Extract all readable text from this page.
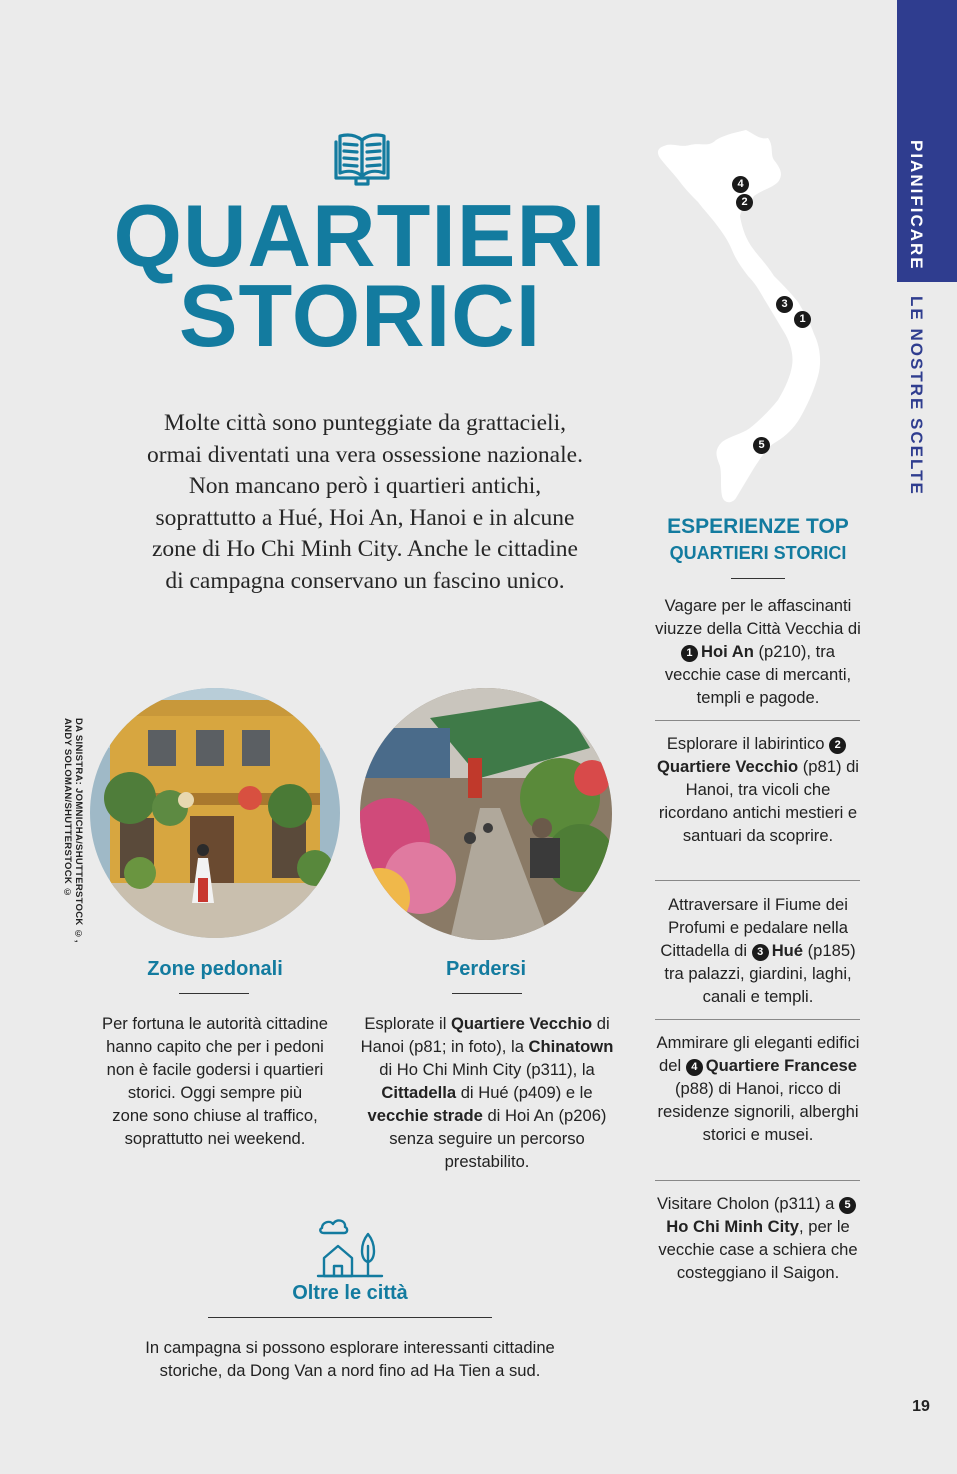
PIANIFICARE
LE NOSTRE SCELTE
QUARTIERI
STORICI
Molte città sono punteggiate da grattacieli,
ormai diventati una vera ossessione nazionale.
Non mancano però i quartieri antichi,
soprattutto a Hué, Hoi An, Hanoi e in alcune
zone di Ho Chi Minh City. Anche le cittadine
di campagna conservano un fascino unico.
4
2
3
1
5
ESPERIENZE TOP
QUARTIERI STORICI
Vagare per le affascinanti viuzze della Città Vecchia di 1 Hoi An (p210), tra vecchie case di mercanti, templi e pagode.
Esplorare il labirintico 2Quartiere Vecchio (p81) di Hanoi, tra vicoli che ricordano antichi mestieri e santuari da scoprire.
Attraversare il Fiume dei Profumi e pedalare nella Cittadella di 3 Hué (p185) tra palazzi, giardini, laghi, canali e templi.
Ammirare gli eleganti edifici del 4 Quartiere Francese (p88) di Hanoi, ricco di residenze signorili, alberghi storici e musei.
Visitare Cholon (p311) a 5Ho Chi Minh City, per le vecchie case a schiera che costeggiano il Saigon.
DA SINISTRA: JOMNICHA/SHUTTERSTOCK ©,
ANDY SOLOMAN/SHUTTERSTOCK ©
Zone pedonali
Per fortuna le autorità cittadine
hanno capito che per i pedoni
non è facile godersi i quartieri
storici. Oggi sempre più
zone sono chiuse al traffico,
soprattutto nei weekend.
Perdersi
Esplorate il Quartiere Vecchio di Hanoi (p81; in foto), la Chinatown di Ho Chi Minh City (p311), la Cittadella di Hué (p409) e le vecchie strade di Hoi An (p206) senza seguire un percorso prestabilito.
Oltre le città
In campagna si possono esplorare interessanti cittadine
storiche, da Dong Van a nord fino ad Ha Tien a sud.
19
